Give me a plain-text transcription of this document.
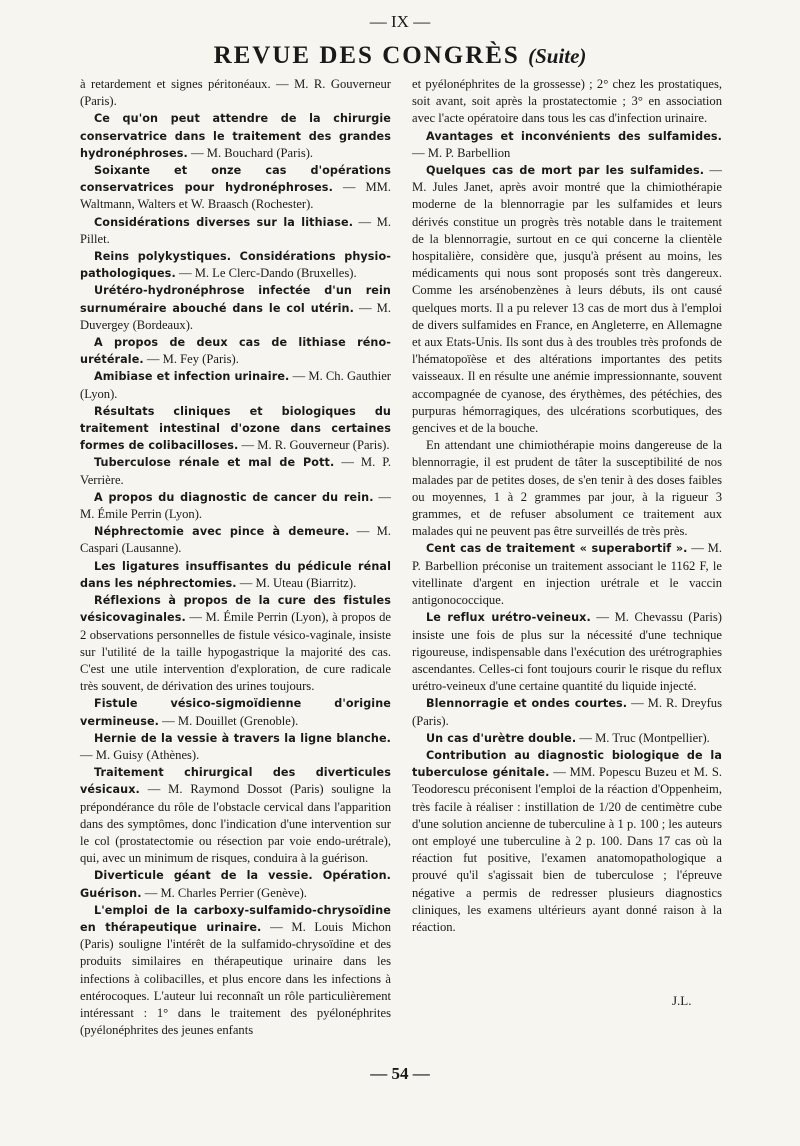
— IX —
REVUE DES CONGRÈS (Suite)

à retardement et signes péritonéaux. — M. R. Gouverneur (Paris).

Ce qu'on peut attendre de la chirurgie conservatrice dans le traitement des grandes hydronéphroses. — M. Bouchard (Paris).

Soixante et onze cas d'opérations conservatrices pour hydronéphroses. — MM. Waltmann, Walters et W. Braasch (Rochester).

Considérations diverses sur la lithiase. — M. Pillet.

Reins polykystiques. Considérations physio-pathologiques. — M. Le Clerc-Dando (Bruxelles).

Urétéro-hydronéphrose infectée d'un rein surnuméraire abouché dans le col utérin. — M. Duvergey (Bordeaux).

A propos de deux cas de lithiase réno-urétérale. — M. Fey (Paris).

Amibiase et infection urinaire. — M. Ch. Gauthier (Lyon).

Résultats cliniques et biologiques du traitement intestinal d'ozone dans certaines formes de colibacilloses. — M. R. Gouverneur (Paris).

Tuberculose rénale et mal de Pott. — M. P. Verrière.

A propos du diagnostic de cancer du rein. — M. Émile Perrin (Lyon).

Néphrectomie avec pince à demeure. — M. Caspari (Lausanne).

Les ligatures insuffisantes du pédicule rénal dans les néphrectomies. — M. Uteau (Biarritz).

Réflexions à propos de la cure des fistules vésicovaginales. — M. Émile Perrin (Lyon), à propos de 2 observations personnelles de fistule vésico-vaginale, insiste sur l'utilité de la taille hypogastrique la majorité des cas. C'est une utile intervention d'exploration, de cure radicale très souvent, de dérivation des urines toujours.

Fistule vésico-sigmoïdienne d'origine vermineuse. — M. Douillet (Grenoble).

Hernie de la vessie à travers la ligne blanche. — M. Guisy (Athènes).

Traitement chirurgical des diverticules vésicaux. — M. Raymond Dossot (Paris) souligne la prépondérance du rôle de l'obstacle cervical dans l'apparition dans des symptômes, donc l'indication d'une intervention sur le col (prostatectomie ou résection par voie endo-urétrale), qui, avec un minimum de risques, conduira à la guérison.

Diverticule géant de la vessie. Opération. Guérison. — M. Charles Perrier (Genève).

L'emploi de la carboxy-sulfamido-chrysoïdine en thérapeutique urinaire. — M. Louis Michon (Paris) souligne l'intérêt de la sulfamido-chrysoïdine et des produits similaires en thérapeutique urinaire dans les infections à colibacilles, et plus encore dans les infections à entérocoques. L'auteur lui reconnaît un rôle particulièrement intéressant : 1° dans le traitement des pyélonéphrites (pyélonéphrites des jeunes enfants

et pyélonéphrites de la grossesse) ; 2° chez les prostatiques, soit avant, soit après la prostatectomie ; 3° en association avec l'acte opératoire dans tous les cas d'infection urinaire.

Avantages et inconvénients des sulfamides. — M. P. Barbellion

Quelques cas de mort par les sulfamides. — M. Jules Janet, après avoir montré que la chimiothérapie moderne de la blennorragie par les sulfamides et leurs dérivés constitue un progrès très notable dans le traitement de la blennorragie, surtout en ce qui concerne la clientèle hospitalière, considère que, jusqu'à présent au moins, les médicaments qui nous sont proposés sont très dangereux. Comme les arsénobenzènes à leurs débuts, ils ont causé quelques morts. Il a pu relever 13 cas de mort dus à l'emploi de divers sulfamides en France, en Angleterre, en Allemagne et aux Etats-Unis. Ils sont dus à des troubles très profonds de l'hématopoïèse et des altérations importantes des petits vaisseaux. Il en résulte une anémie impressionnante, souvent accompagnée de cyanose, des érythèmes, des pétéchies, des purpuras hémorragiques, des ulcérations scorbutiques, des gencives et de la bouche.

En attendant une chimiothérapie moins dangereuse de la blennorragie, il est prudent de tâter la susceptibilité de nos malades par de petites doses, de s'en tenir à des doses faibles ou moyennes, 1 à 2 grammes par jour, à la rigueur 3 grammes, et de refuser absolument ce traitement aux malades qui ne peuvent pas être surveillés de très près.

Cent cas de traitement « superabortif ». — M. P. Barbellion préconise un traitement associant le 1162 F, le vitellinate d'argent en injection urétrale et le vaccin antigonococcique.

Le reflux urétro-veineux. — M. Chevassu (Paris) insiste une fois de plus sur la nécessité d'une technique rigoureuse, indispensable dans l'exécution des urétrographies ascendantes. Celles-ci font toujours courir le risque du reflux urétro-veineux d'une certaine quantité du liquide injecté.

Blennorragie et ondes courtes. — M. R. Dreyfus (Paris).

Un cas d'urètre double. — M. Truc (Montpellier).

Contribution au diagnostic biologique de la tuberculose génitale. — MM. Popescu Buzeu et M. S. Teodorescu préconisent l'emploi de la réaction d'Oppenheim, très facile à réaliser : instillation de 1/20 de centimètre cube d'une solution ancienne de tuberculine à 1 p. 100 ; les auteurs ont employé une tuberculine à 2 p. 100. Dans 17 cas où la réaction fut positive, l'examen anatomopathologique a prouvé qu'il s'agissait bien de tuberculose ; l'épreuve négative a permis de redresser plusieurs diagnostics cliniques, les examens ultérieurs ayant donné raison à la réaction.

J.L.
— 54 —
